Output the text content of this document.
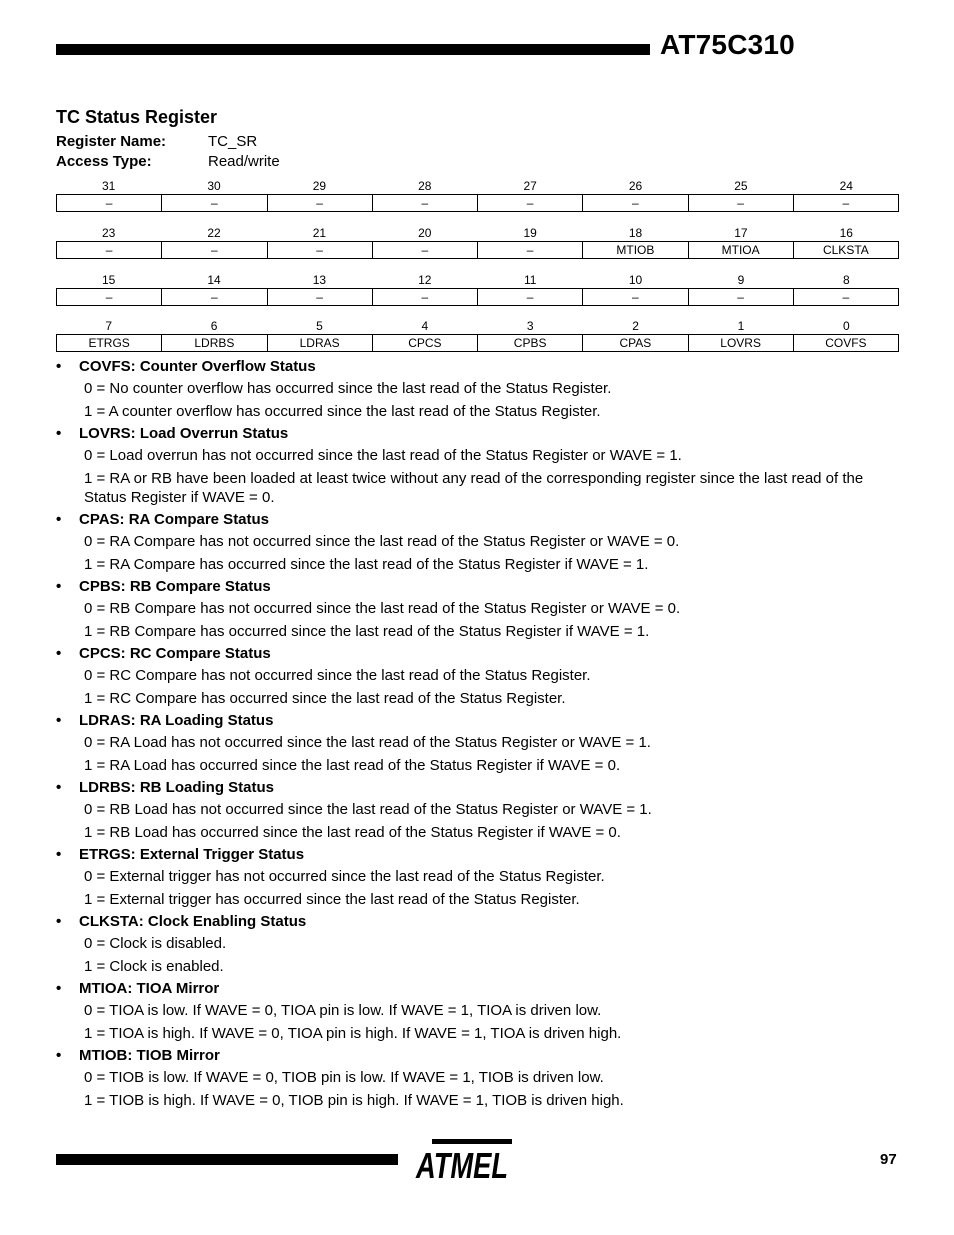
AT75C310
TC Status Register
Register Name:	TC_SR
Access Type:	Read/write
31	30	29	28	27	26	25	24
–	–	–	–	–	–	–	–
23	22	21	20	19	18	17	16
–	–	–	–	–	MTIOB	MTIOA	CLKSTA
15	14	13	12	11	10	9	8
–	–	–	–	–	–	–	–
7	6	5	4	3	2	1	0
ETRGS	LDRBS	LDRAS	CPCS	CPBS	CPAS	LOVRS	COVFS
• COVFS: Counter Overflow Status
0 = No counter overflow has occurred since the last read of the Status Register.
1 = A counter overflow has occurred since the last read of the Status Register.
• LOVRS: Load Overrun Status
0 = Load overrun has not occurred since the last read of the Status Register or WAVE = 1.
1 = RA or RB have been loaded at least twice without any read of the corresponding register since the last read of the Status Register if WAVE = 0.
• CPAS: RA Compare Status
0 = RA Compare has not occurred since the last read of the Status Register or WAVE = 0.
1 = RA Compare has occurred since the last read of the Status Register if WAVE = 1.
• CPBS: RB Compare Status
0 = RB Compare has not occurred since the last read of the Status Register or WAVE = 0.
1 = RB Compare has occurred since the last read of the Status Register if WAVE = 1.
• CPCS: RC Compare Status
0 = RC Compare has not occurred since the last read of the Status Register.
1 = RC Compare has occurred since the last read of the Status Register.
• LDRAS: RA Loading Status
0 = RA Load has not occurred since the last read of the Status Register or WAVE = 1.
1 = RA Load has occurred since the last read of the Status Register if WAVE = 0.
• LDRBS: RB Loading Status
0 = RB Load has not occurred since the last read of the Status Register or WAVE = 1.
1 = RB Load has occurred since the last read of the Status Register if WAVE = 0.
• ETRGS: External Trigger Status
0 = External trigger has not occurred since the last read of the Status Register.
1 = External trigger has occurred since the last read of the Status Register.
• CLKSTA: Clock Enabling Status
0 = Clock is disabled.
1 = Clock is enabled.
• MTIOA: TIOA Mirror
0 = TIOA is low. If WAVE = 0, TIOA pin is low. If WAVE = 1, TIOA is driven low.
1 = TIOA is high. If WAVE = 0, TIOA pin is high. If WAVE = 1, TIOA is driven high.
• MTIOB: TIOB Mirror
0 = TIOB is low. If WAVE = 0, TIOB pin is low. If WAVE = 1, TIOB is driven low.
1 = TIOB is high. If WAVE = 0, TIOB pin is high. If WAVE = 1, TIOB is driven high.
ATMEL	97
